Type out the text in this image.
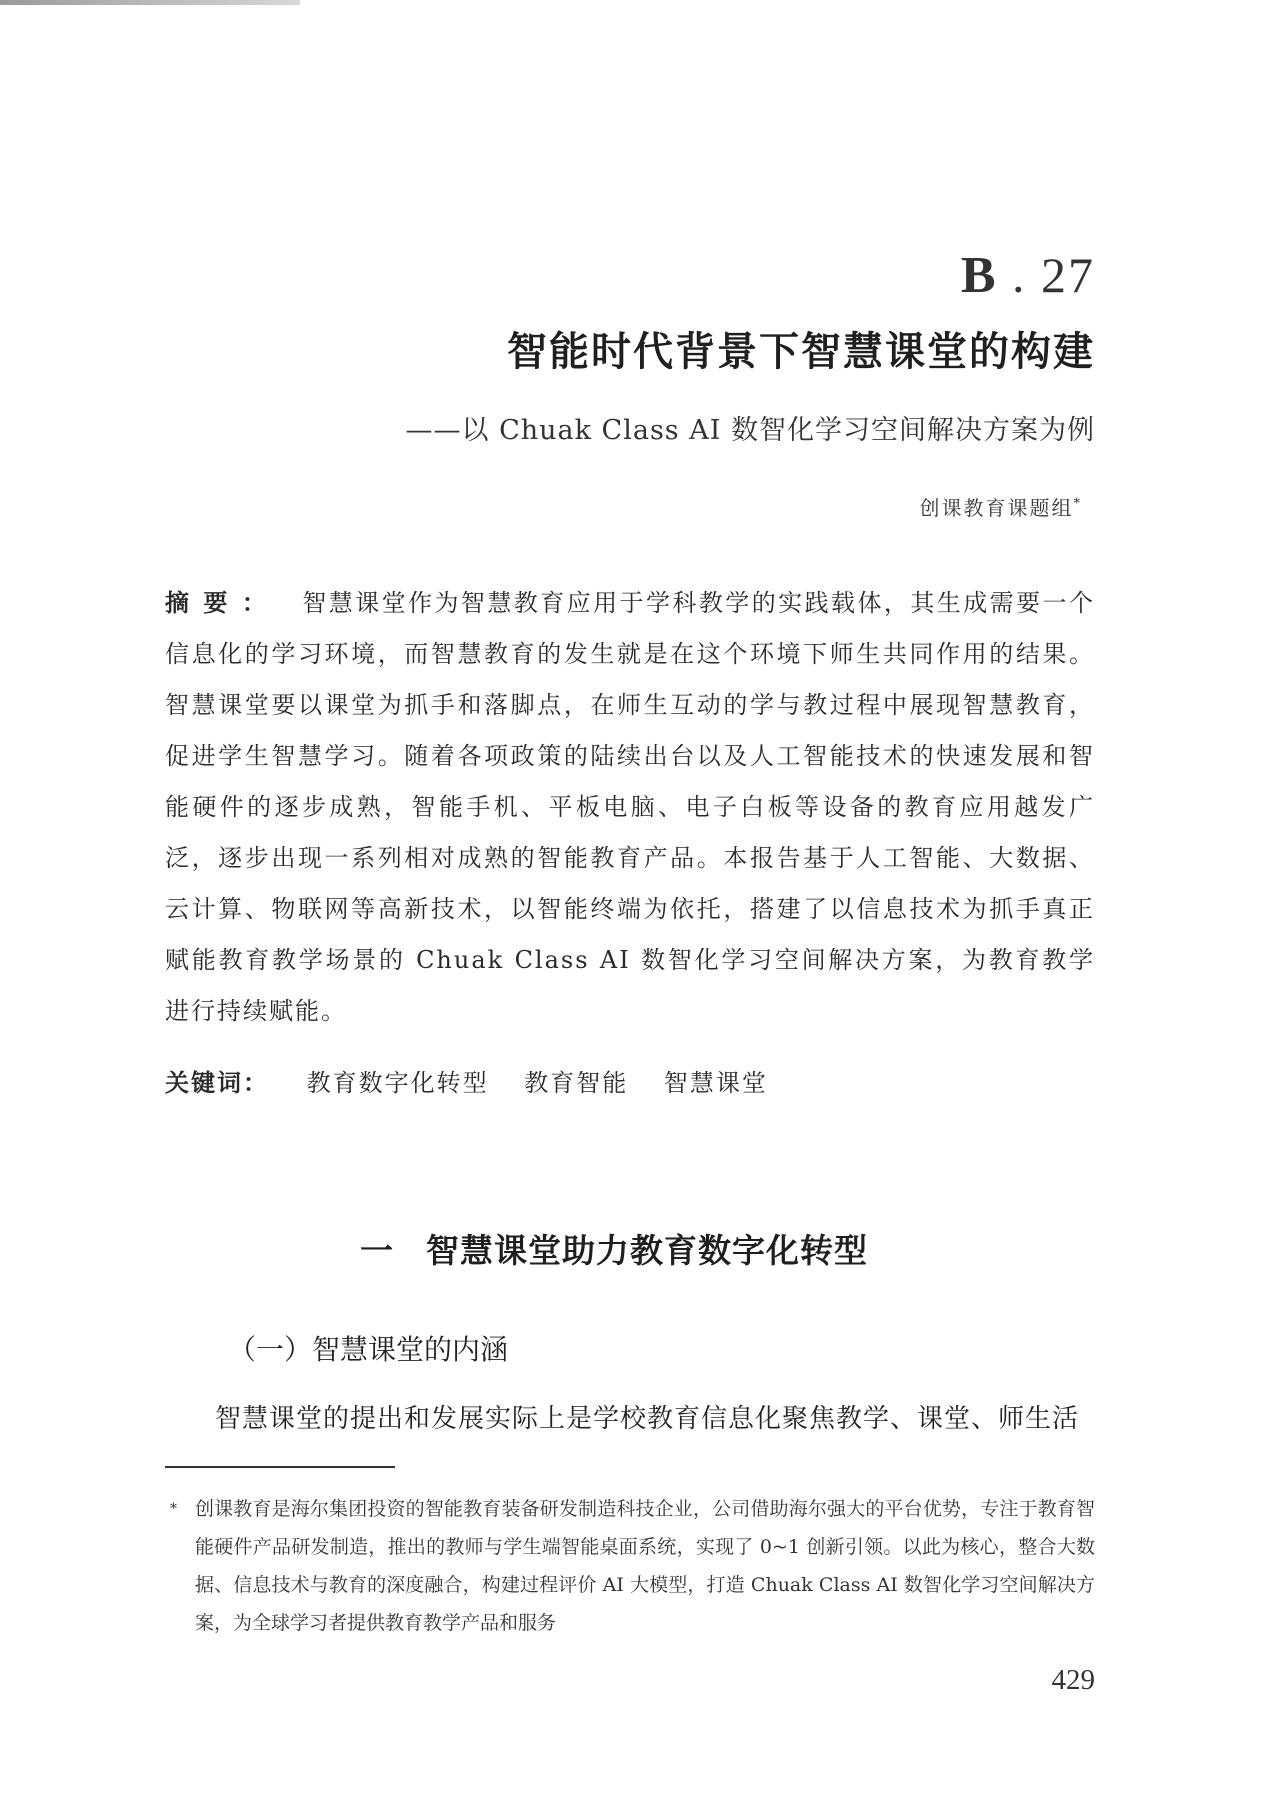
B . 27
智能时代背景下智慧课堂的构建
——以 Chuak Class AI 数智化学习空间解决方案为例
创课教育课题组*
摘要： 智慧课堂作为智慧教育应用于学科教学的实践载体，其生成需要一个信息化的学习环境，而智慧教育的发生就是在这个环境下师生共同作用的结果。智慧课堂要以课堂为抓手和落脚点，在师生互动的学与教过程中展现智慧教育，促进学生智慧学习。随着各项政策的陆续出台以及人工智能技术的快速发展和智能硬件的逐步成熟，智能手机、平板电脑、电子白板等设备的教育应用越发广泛，逐步出现一系列相对成熟的智能教育产品。本报告基于人工智能、大数据、云计算、物联网等高新技术，以智能终端为依托，搭建了以信息技术为抓手真正赋能教育教学场景的 Chuak Class AI 数智化学习空间解决方案，为教育教学进行持续赋能。
关键词： 教育数字化转型 教育智能 智慧课堂
一 智慧课堂助力教育数字化转型
（一）智慧课堂的内涵
智慧课堂的提出和发展实际上是学校教育信息化聚焦教学、课堂、师生活
* 创课教育是海尔集团投资的智能教育装备研发制造科技企业，公司借助海尔强大的平台优势，专注于教育智能硬件产品研发制造，推出的教师与学生端智能桌面系统，实现了 0~1 创新引领。以此为核心，整合大数据、信息技术与教育的深度融合，构建过程评价 AI 大模型，打造 Chuak Class AI 数智化学习空间解决方案，为全球学习者提供教育教学产品和服务
429
